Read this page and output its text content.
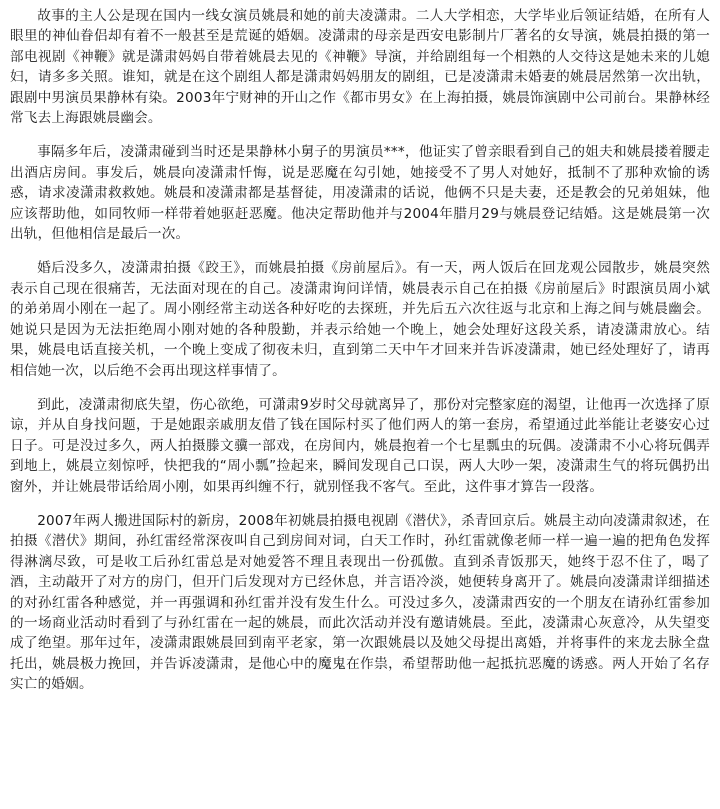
故事的主人公是现在国内一线女演员姚晨和她的前夫凌潇肃。二人大学相恋，大学毕业后领证结婚，在所有人眼里的神仙眷侣却有着不一般甚至是荒诞的婚姻。凌潇肃的母亲是西安电影制片厂著名的女导演，姚晨拍摄的第一部电视剧《神鞭》就是潇肃妈妈自带着姚晨去见的《神鞭》导演，并给剧组每一个相熟的人交待这是她未来的儿媳妇，请多多关照。谁知，就是在这个剧组人都是潇肃妈妈朋友的剧组，已是凌潇肃未婚妻的姚晨居然第一次出轨，跟剧中男演员果静林有染。2003年宁财神的开山之作《都市男女》在上海拍摄，姚晨饰演剧中公司前台。果静林经常飞去上海跟姚晨幽会。

事隔多年后，凌潇肃碰到当时还是果静林小舅子的男演员***，他证实了曾亲眼看到自己的姐夫和姚晨搂着腰走出酒店房间。事发后，姚晨向凌潇肃忏悔，说是恶魔在勾引她，她接受不了男人对她好，抵制不了那种欢愉的诱惑，请求凌潇肃救救她。姚晨和凌潇肃都是基督徒，用凌潇肃的话说，他俩不只是夫妻，还是教会的兄弟姐妹，他应该帮助他，如同牧师一样带着她驱赶恶魔。他决定帮助他并与2004年腊月29与姚晨登记结婚。这是姚晨第一次出轨，但他相信是最后一次。

婚后没多久，凌潇肃拍摄《跤王》，而姚晨拍摄《房前屋后》。有一天，两人饭后在回龙观公园散步，姚晨突然表示自己现在很痛苦，无法面对现在的自己。凌潇肃询问详情，姚晨表示自己在拍摄《房前屋后》时跟演员周小斌的弟弟周小刚在一起了。周小刚经常主动送各种好吃的去探班，并先后五六次往返与北京和上海之间与姚晨幽会。她说只是因为无法拒绝周小刚对她的各种殷勤，并表示给她一个晚上，她会处理好这段关系，请凌潇肃放心。结果，姚晨电话直接关机，一个晚上变成了彻夜未归，直到第二天中午才回来并告诉凌潇肃，她已经处理好了，请再相信她一次，以后绝不会再出现这样事情了。

到此，凌潇肃彻底失望，伤心欲绝，可潇肃9岁时父母就离异了，那份对完整家庭的渴望，让他再一次选择了原谅，并从自身找问题，于是她跟亲戚朋友借了钱在国际村买了他们两人的第一套房，希望通过此举能让老婆安心过日子。可是没过多久，两人拍摄滕文骥一部戏，在房间内，姚晨抱着一个七星瓢虫的玩偶。凌潇肃不小心将玩偶弄到地上，姚晨立刻惊呼，快把我的“周小瓢”捡起来，瞬间发现自己口误，两人大吵一架，凌潇肃生气的将玩偶扔出窗外，并让姚晨带话给周小刚，如果再纠缠不行，就别怪我不客气。至此，这件事才算告一段落。

2007年两人搬进国际村的新房，2008年初姚晨拍摄电视剧《潜伏》，杀青回京后。姚晨主动向凌潇肃叙述，在拍摄《潜伏》期间，孙红雷经常深夜叫自己到房间对词，白天工作时，孙红雷就像老师一样一遍一遍的把角色发挥得淋漓尽致，可是收工后孙红雷总是对她爱答不理且表现出一份孤傲。直到杀青饭那天，她终于忍不住了，喝了酒，主动敲开了对方的房门，但开门后发现对方已经休息，并言语冷淡，她便转身离开了。姚晨向凌潇肃详细描述的对孙红雷各种感觉，并一再强调和孙红雷并没有发生什么。可没过多久，凌潇肃西安的一个朋友在请孙红雷参加的一场商业活动时看到了与孙红雷在一起的姚晨，而此次活动并没有邀请姚晨。至此，凌潇肃心灰意冷，从失望变成了绝望。那年过年，凌潇肃跟姚晨回到南平老家，第一次跟姚晨以及她父母提出离婚，并将事件的来龙去脉全盘托出，姚晨极力挽回，并告诉凌潇肃，是他心中的魔鬼在作祟，希望帮助他一起抵抗恶魔的诱惑。两人开始了名存实亡的婚姻。
